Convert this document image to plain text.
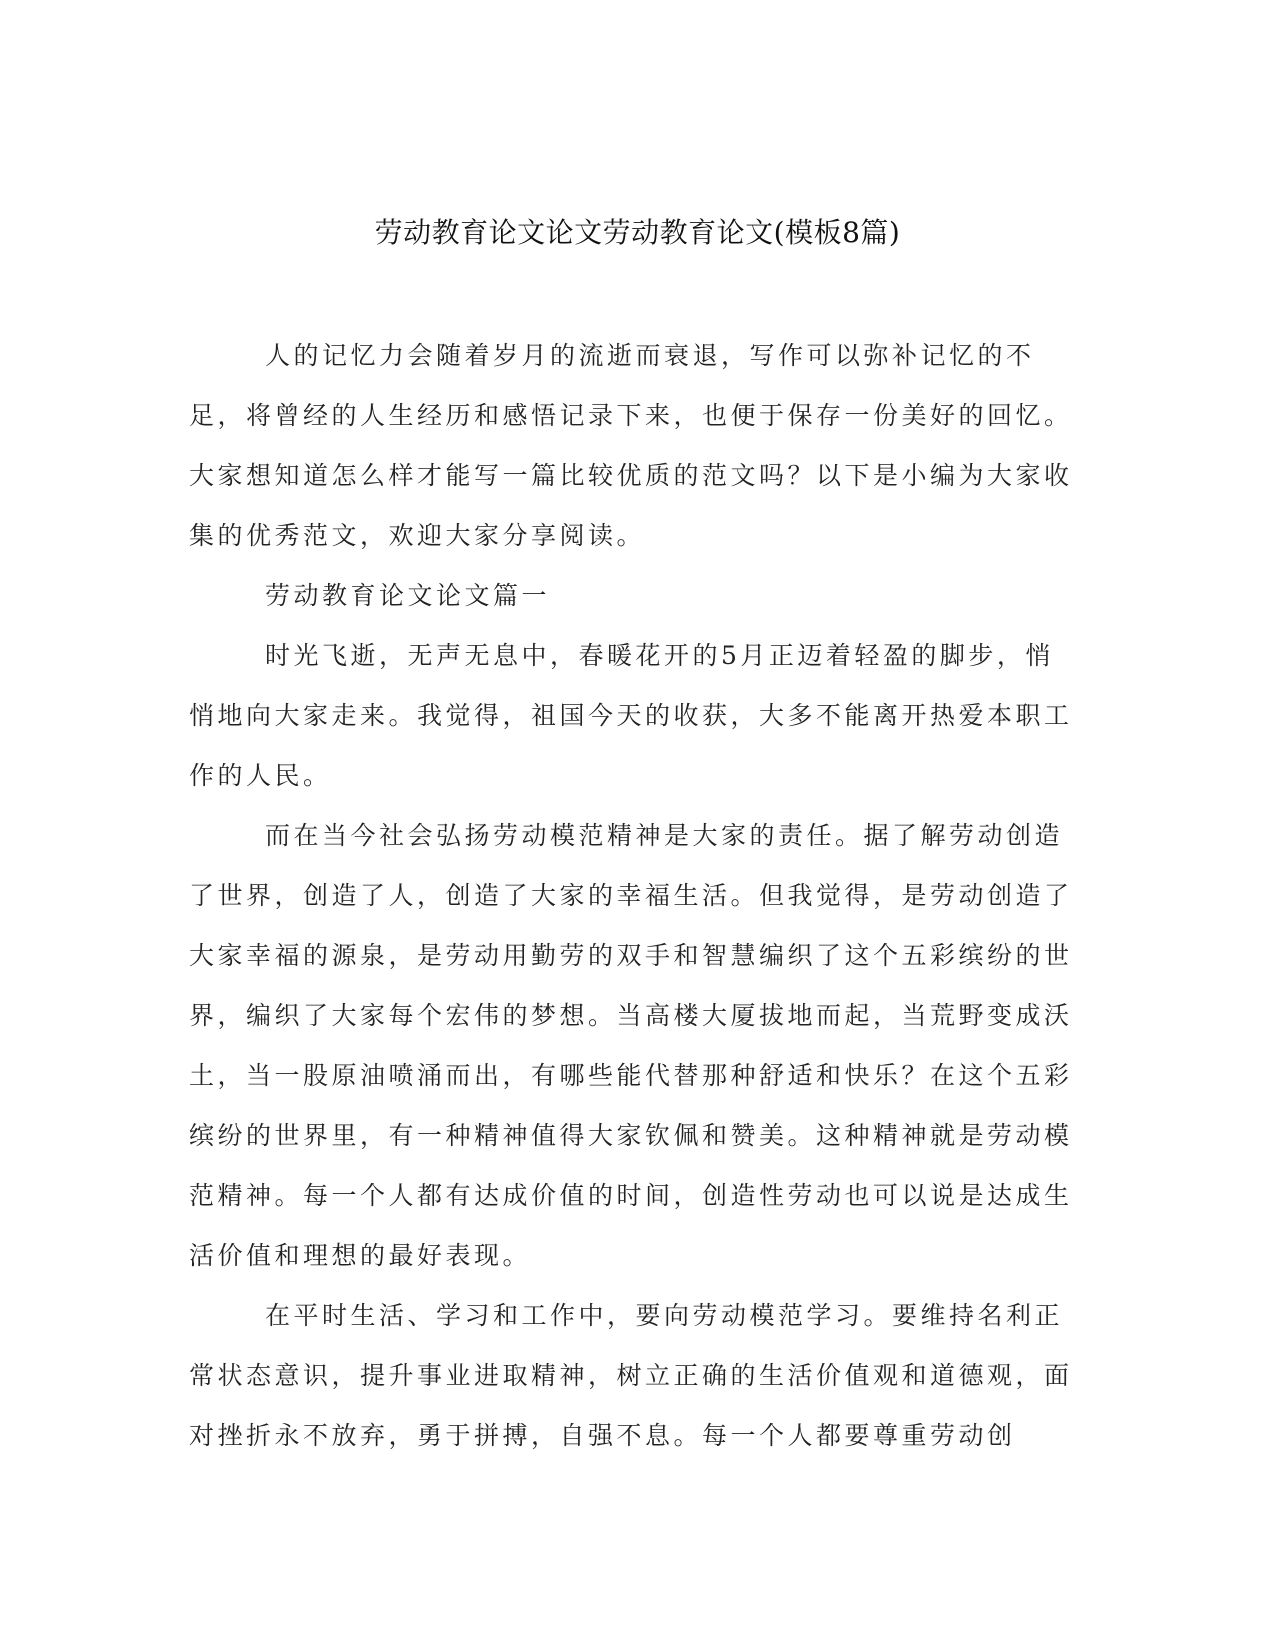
劳动教育论文论文劳动教育论文(模板8篇)

人的记忆力会随着岁月的流逝而衰退，写作可以弥补记忆的不足，将曾经的人生经历和感悟记录下来，也便于保存一份美好的回忆。大家想知道怎么样才能写一篇比较优质的范文吗？以下是小编为大家收集的优秀范文，欢迎大家分享阅读。

劳动教育论文论文篇一

时光飞逝，无声无息中，春暖花开的5月正迈着轻盈的脚步，悄悄地向大家走来。我觉得，祖国今天的收获，大多不能离开热爱本职工作的人民。

而在当今社会弘扬劳动模范精神是大家的责任。据了解劳动创造了世界，创造了人，创造了大家的幸福生活。但我觉得，是劳动创造了大家幸福的源泉，是劳动用勤劳的双手和智慧编织了这个五彩缤纷的世界，编织了大家每个宏伟的梦想。当高楼大厦拔地而起，当荒野变成沃土，当一股原油喷涌而出，有哪些能代替那种舒适和快乐？在这个五彩缤纷的世界里，有一种精神值得大家钦佩和赞美。这种精神就是劳动模范精神。每一个人都有达成价值的时间，创造性劳动也可以说是达成生活价值和理想的最好表现。

在平时生活、学习和工作中，要向劳动模范学习。要维持名利正常状态意识，提升事业进取精神，树立正确的生活价值观和道德观，面对挫折永不放弃，勇于拼搏，自强不息。每一个人都要尊重劳动创
